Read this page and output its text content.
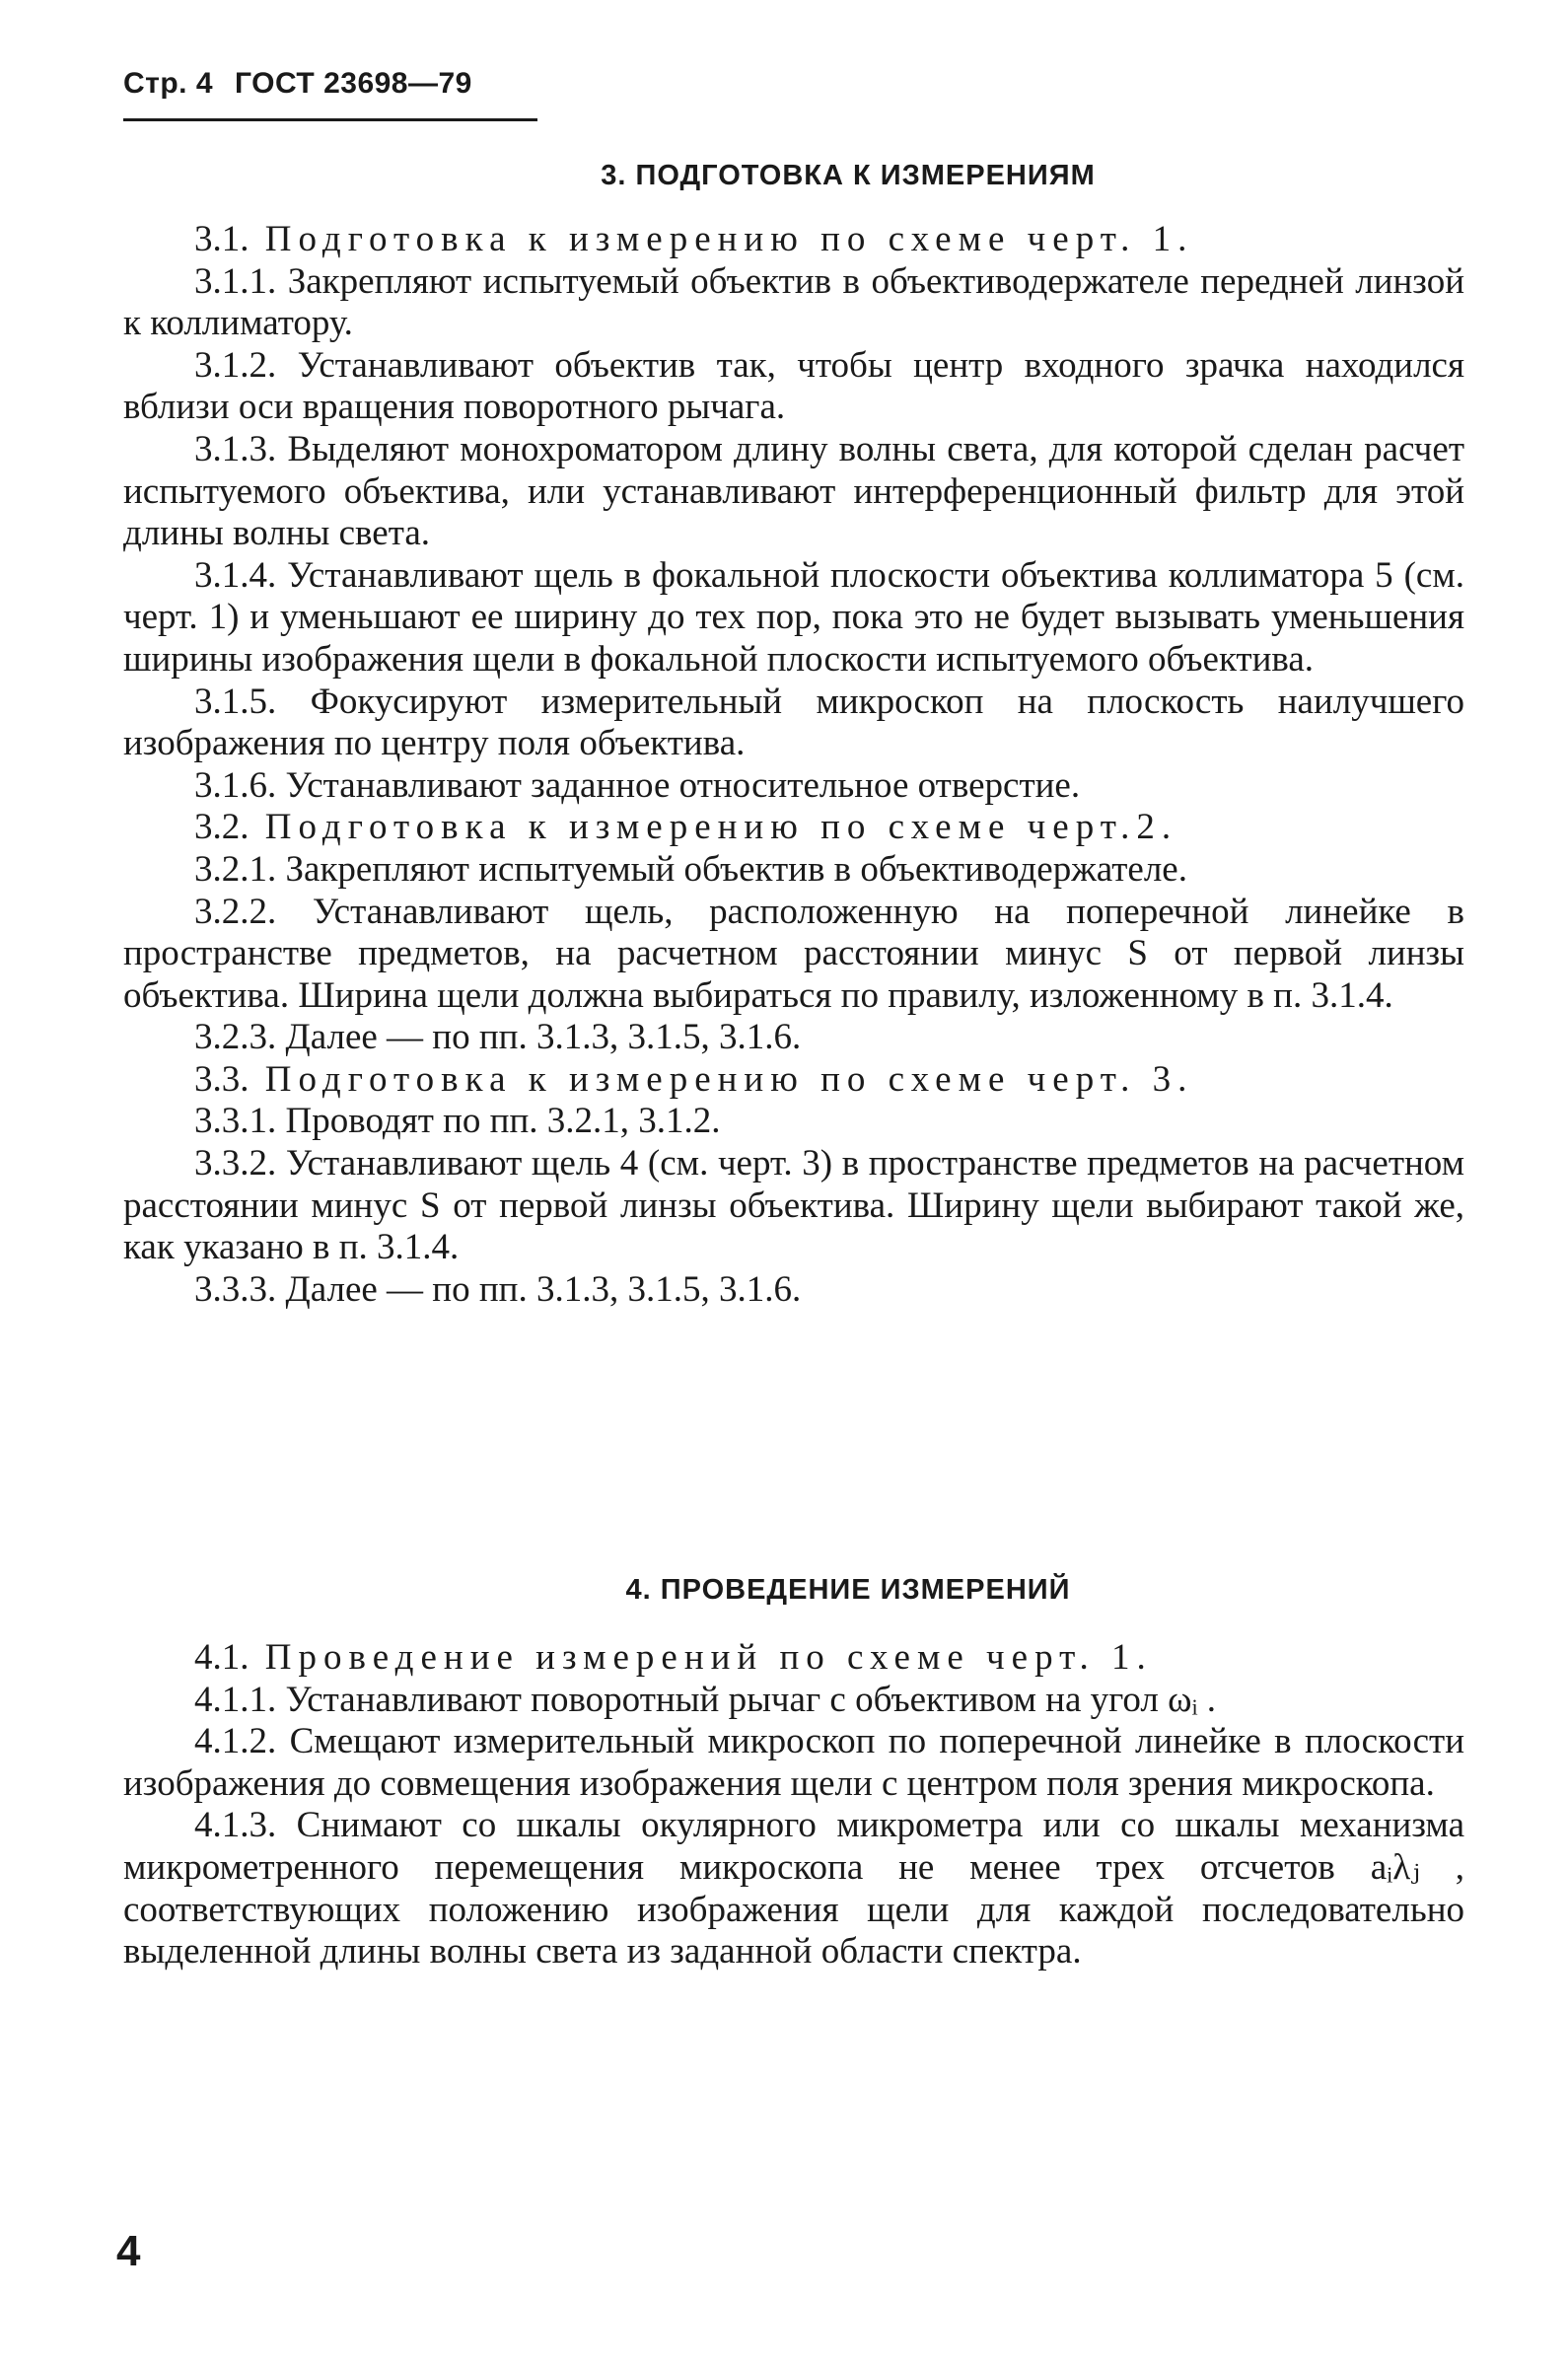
Стр. 4 ГОСТ 23698—79
3. ПОДГОТОВКА К ИЗМЕРЕНИЯМ

3.1. Подготовка к измерению по схеме черт. 1.

3.1.1. Закрепляют испытуемый объектив в объективодержателе передней линзой к коллиматору.

3.1.2. Устанавливают объектив так, чтобы центр входного зрачка находился вблизи оси вращения поворотного рычага.

3.1.3. Выделяют монохроматором длину волны света, для которой сделан расчет испытуемого объектива, или устанавливают интерференционный фильтр для этой длины волны света.

3.1.4. Устанавливают щель в фокальной плоскости объектива коллиматора 5 (см. черт. 1) и уменьшают ее ширину до тех пор, пока это не будет вызывать уменьшения ширины изображения щели в фокальной плоскости испытуемого объектива.

3.1.5. Фокусируют измерительный микроскоп на плоскость наилучшего изображения по центру поля объектива.

3.1.6. Устанавливают заданное относительное отверстие.

3.2. Подготовка к измерению по схеме черт.2.

3.2.1. Закрепляют испытуемый объектив в объективодержателе.

3.2.2. Устанавливают щель, расположенную на поперечной линейке в пространстве предметов, на расчетном расстоянии минус S от первой линзы объектива. Ширина щели должна выбираться по правилу, изложенному в п. 3.1.4.

3.2.3. Далее — по пп. 3.1.3, 3.1.5, 3.1.6.

3.3. Подготовка к измерению по схеме черт. 3.

3.3.1. Проводят по пп. 3.2.1, 3.1.2.

3.3.2. Устанавливают щель 4 (см. черт. 3) в пространстве предметов на расчетном расстоянии минус S от первой линзы объектива. Ширину щели выбирают такой же, как указано в п. 3.1.4.

3.3.3. Далее — по пп. 3.1.3, 3.1.5, 3.1.6.

4. ПРОВЕДЕНИЕ ИЗМЕРЕНИЙ

4.1. Проведение измерений по схеме черт. 1.

4.1.1. Устанавливают поворотный рычаг с объективом на угол ωᵢ .

4.1.2. Смещают измерительный микроскоп по поперечной линейке в плоскости изображения до совмещения изображения щели с центром поля зрения микроскопа.

4.1.3. Снимают со шкалы окулярного микрометра или со шкалы механизма микрометренного перемещения микроскопа не менее трех отсчетов aᵢλⱼ , соответствующих положению изображения щели для каждой последовательно выделенной длины волны света из заданной области спектра.

4
